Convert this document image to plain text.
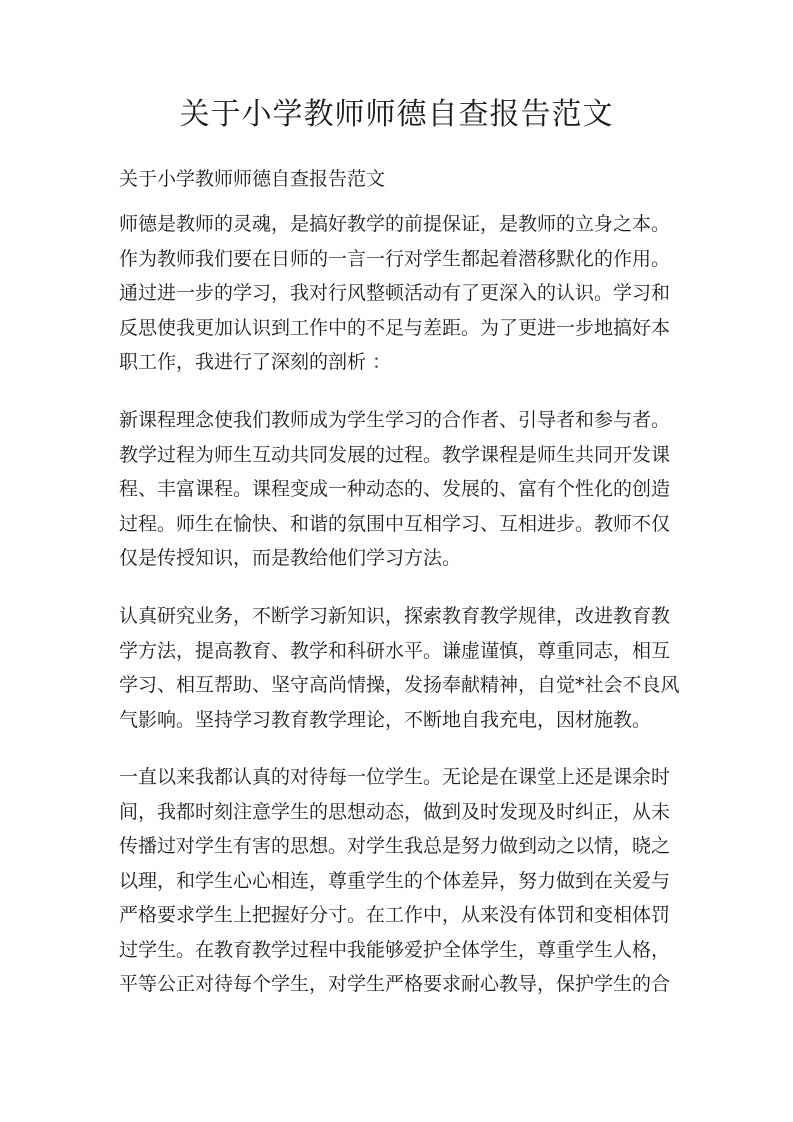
关于小学教师师德自查报告范文

关于小学教师师德自查报告范文

师德是教师的灵魂，是搞好教学的前提保证，是教师的立身之本。
作为教师我们要在日师的一言一行对学生都起着潜移默化的作用。
通过进一步的学习，我对行风整顿活动有了更深入的认识。学习和
反思使我更加认识到工作中的不足与差距。为了更进一步地搞好本
职工作，我进行了深刻的剖析 ：

新课程理念使我们教师成为学生学习的合作者、引导者和参与者。
教学过程为师生互动共同发展的过程。教学课程是师生共同开发课
程、丰富课程。课程变成一种动态的、发展的、富有个性化的创造
过程。师生在愉快、和谐的氛围中互相学习、互相进步。教师不仅
仅是传授知识，而是教给他们学习方法。

认真研究业务，不断学习新知识，探索教育教学规律，改进教育教
学方法，提高教育、教学和科研水平。谦虚谨慎，尊重同志，相互
学习、相互帮助、坚守高尚情操，发扬奉献精神，自觉*社会不良风
气影响。坚持学习教育教学理论，不断地自我充电，因材施教。

一直以来我都认真的对待每一位学生。无论是在课堂上还是课余时
间，我都时刻注意学生的思想动态，做到及时发现及时纠正，从未
传播过对学生有害的思想。对学生我总是努力做到动之以情，晓之
以理，和学生心心相连，尊重学生的个体差异，努力做到在关爱与
严格要求学生上把握好分寸。在工作中，从来没有体罚和变相体罚
过学生。在教育教学过程中我能够爱护全体学生，尊重学生人格，
平等公正对待每个学生，对学生严格要求耐心教导，保护学生的合
